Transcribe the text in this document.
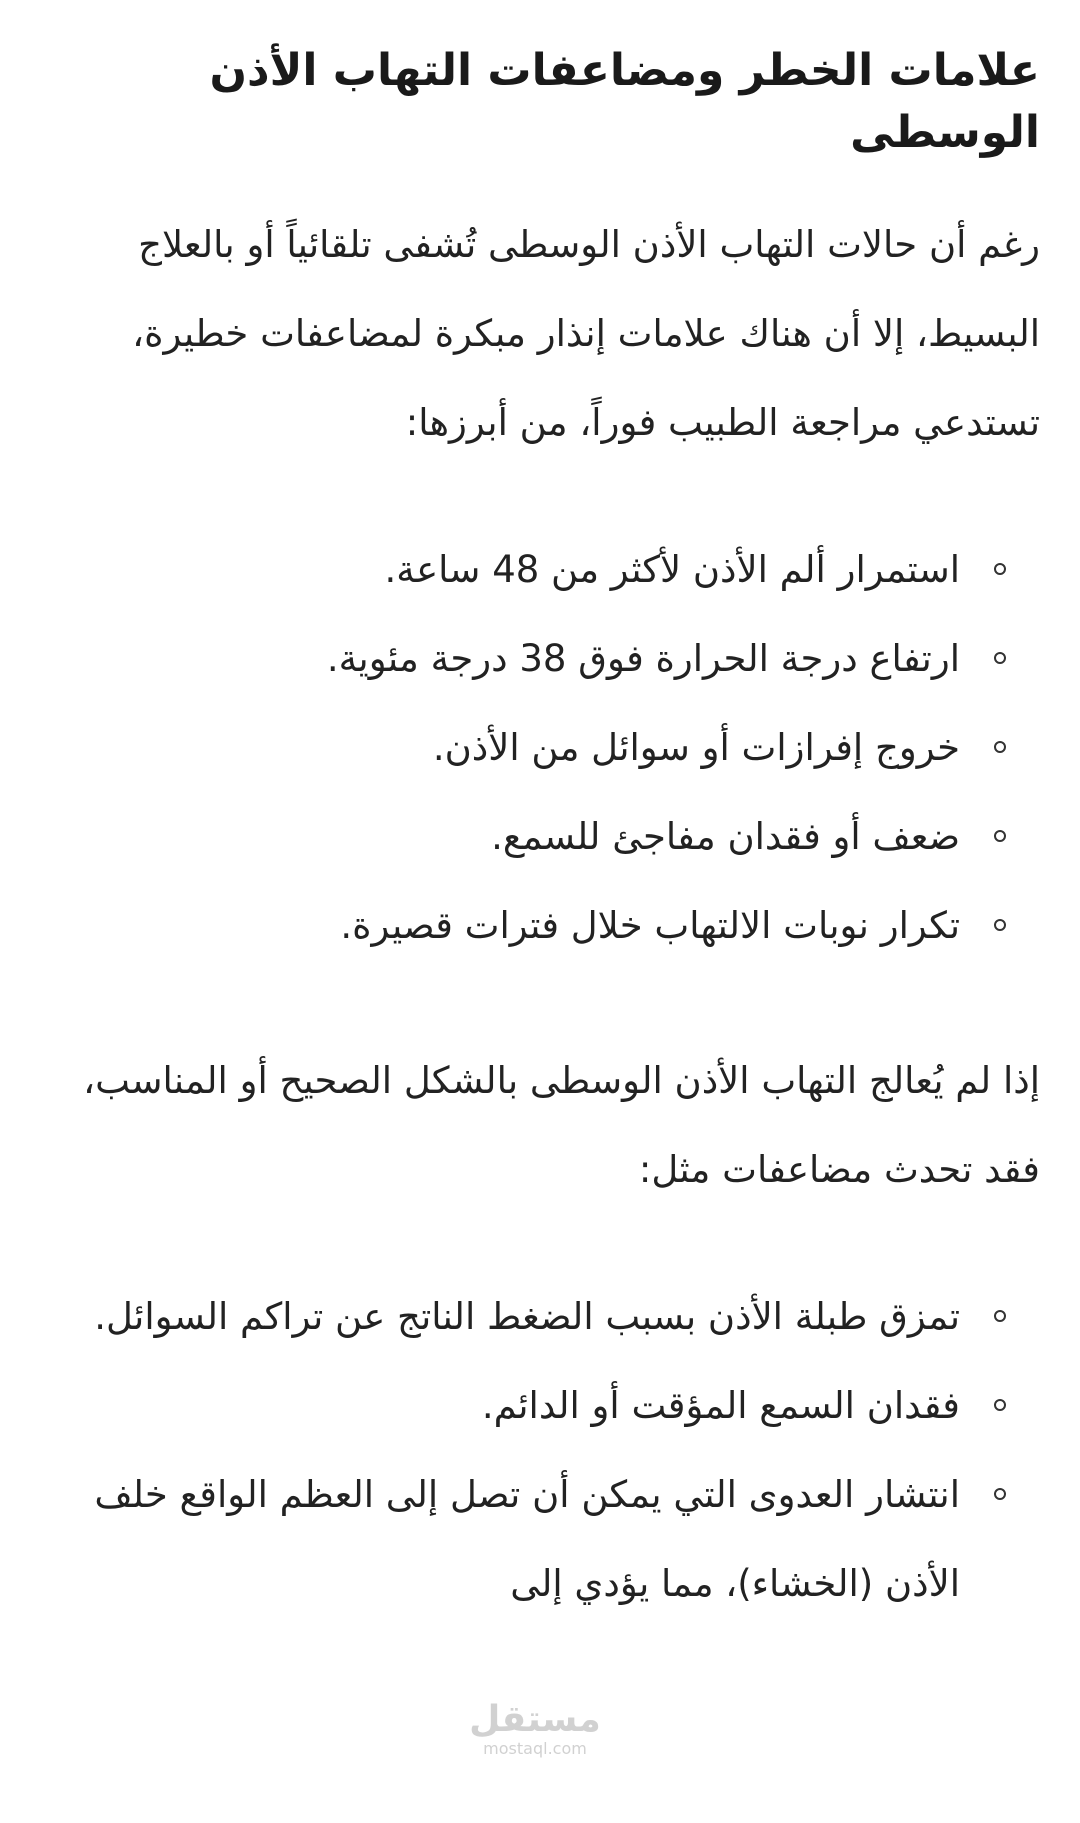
علامات الخطر ومضاعفات التهاب الأذن الوسطى

رغم أن حالات التهاب الأذن الوسطى تُشفى تلقائياً أو بالعلاج البسيط، إلا أن هناك علامات إنذار مبكرة لمضاعفات خطيرة، تستدعي مراجعة الطبيب فوراً، من أبرزها:

استمرار ألم الأذن لأكثر من 48 ساعة.
ارتفاع درجة الحرارة فوق 38 درجة مئوية.
خروج إفرازات أو سوائل من الأذن.
ضعف أو فقدان مفاجئ للسمع.
تكرار نوبات الالتهاب خلال فترات قصيرة.

إذا لم يُعالج التهاب الأذن الوسطى بالشكل الصحيح أو المناسب، فقد تحدث مضاعفات مثل:

تمزق طبلة الأذن بسبب الضغط الناتج عن تراكم السوائل.
فقدان السمع المؤقت أو الدائم.
انتشار العدوى التي يمكن أن تصل إلى العظم الواقع خلف الأذن (الخشاء)، مما يؤدي إلى
مستقل
mostaql.com
